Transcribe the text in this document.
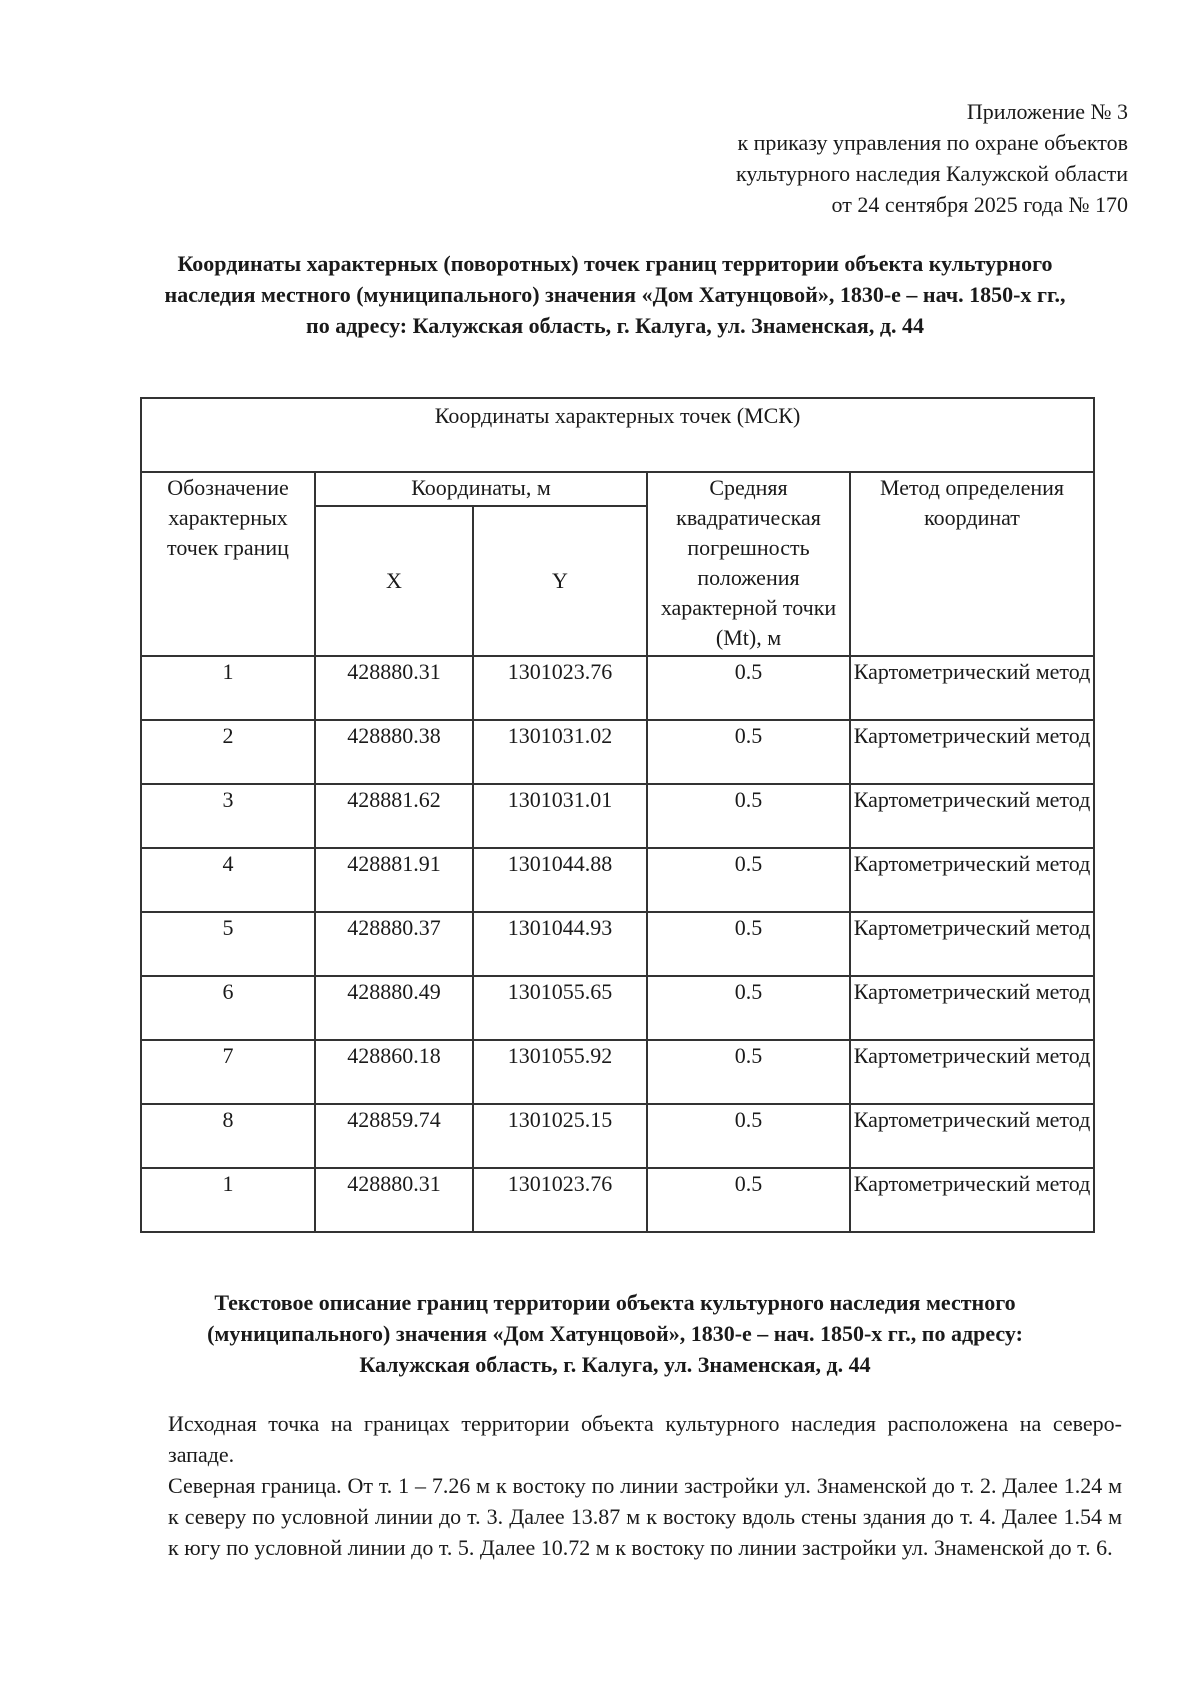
Приложение № 3
к приказу управления по охране объектов
культурного наследия Калужской области
от 24 сентября 2025 года № 170
Координаты характерных (поворотных) точек границ территории объекта культурного наследия местного (муниципального) значения «Дом Хатунцовой», 1830-е – нач. 1850-х гг., по адресу: Калужская область, г. Калуга, ул. Знаменская, д. 44
Координаты характерных точек (МСК)				
Обозначение характерных точек границ	Координаты, м		Средняя квадратическая погрешность положения характерной точки (Mt), м	Метод определения координат
	X	Y		
1	428880.31	1301023.76	0.5	Картометрический метод
2	428880.38	1301031.02	0.5	Картометрический метод
3	428881.62	1301031.01	0.5	Картометрический метод
4	428881.91	1301044.88	0.5	Картометрический метод
5	428880.37	1301044.93	0.5	Картометрический метод
6	428880.49	1301055.65	0.5	Картометрический метод
7	428860.18	1301055.92	0.5	Картометрический метод
8	428859.74	1301025.15	0.5	Картометрический метод
1	428880.31	1301023.76	0.5	Картометрический метод
Текстовое описание границ территории объекта культурного наследия местного (муниципального) значения «Дом Хатунцовой», 1830-е – нач. 1850-х гг., по адресу: Калужская область, г. Калуга, ул. Знаменская, д. 44

Исходная точка на границах территории объекта культурного наследия расположена на северо-западе.

Северная граница. От т. 1 – 7.26 м к востоку по линии застройки ул. Знаменской до т. 2. Далее 1.24 м к северу по условной линии до т. 3. Далее 13.87 м к востоку вдоль стены здания до т. 4. Далее 1.54 м к югу по условной линии до т. 5. Далее 10.72 м к востоку по линии застройки ул. Знаменской до т. 6.
